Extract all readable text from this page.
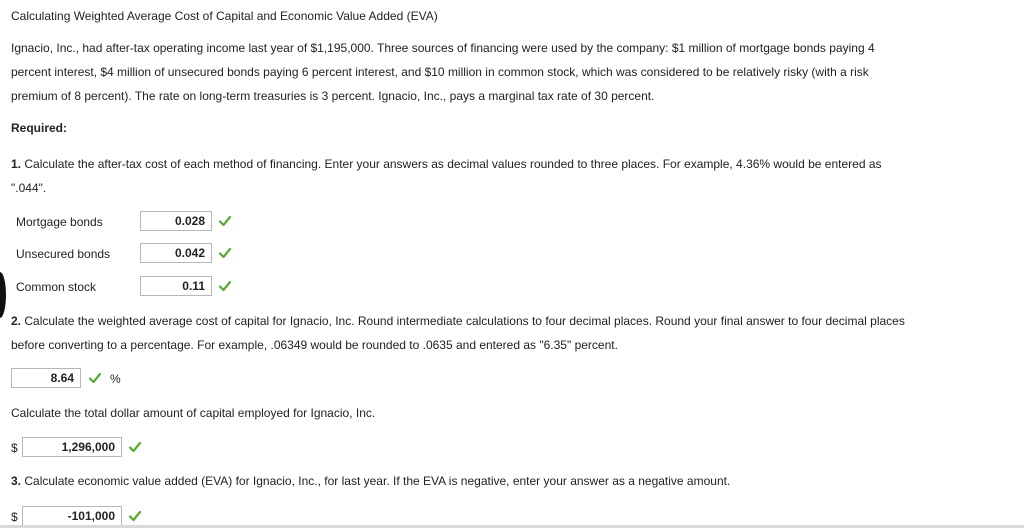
Calculating Weighted Average Cost of Capital and Economic Value Added (EVA)
Ignacio, Inc., had after-tax operating income last year of $1,195,000. Three sources of financing were used by the company: $1 million of mortgage bonds paying 4
percent interest, $4 million of unsecured bonds paying 6 percent interest, and $10 million in common stock, which was considered to be relatively risky (with a risk
premium of 8 percent). The rate on long-term treasuries is 3 percent. Ignacio, Inc., pays a marginal tax rate of 30 percent.
Required:
1. Calculate the after-tax cost of each method of financing. Enter your answers as decimal values rounded to three places. For example, 4.36% would be entered as
".044".
Mortgage bonds	0.028
Unsecured bonds	0.042
Common stock	0.11
2. Calculate the weighted average cost of capital for Ignacio, Inc. Round intermediate calculations to four decimal places. Round your final answer to four decimal places
before converting to a percentage. For example, .06349 would be rounded to .0635 and entered as "6.35" percent.
8.64	%
Calculate the total dollar amount of capital employed for Ignacio, Inc.
$	1,296,000
3. Calculate economic value added (EVA) for Ignacio, Inc., for last year. If the EVA is negative, enter your answer as a negative amount.
$	-101,000
